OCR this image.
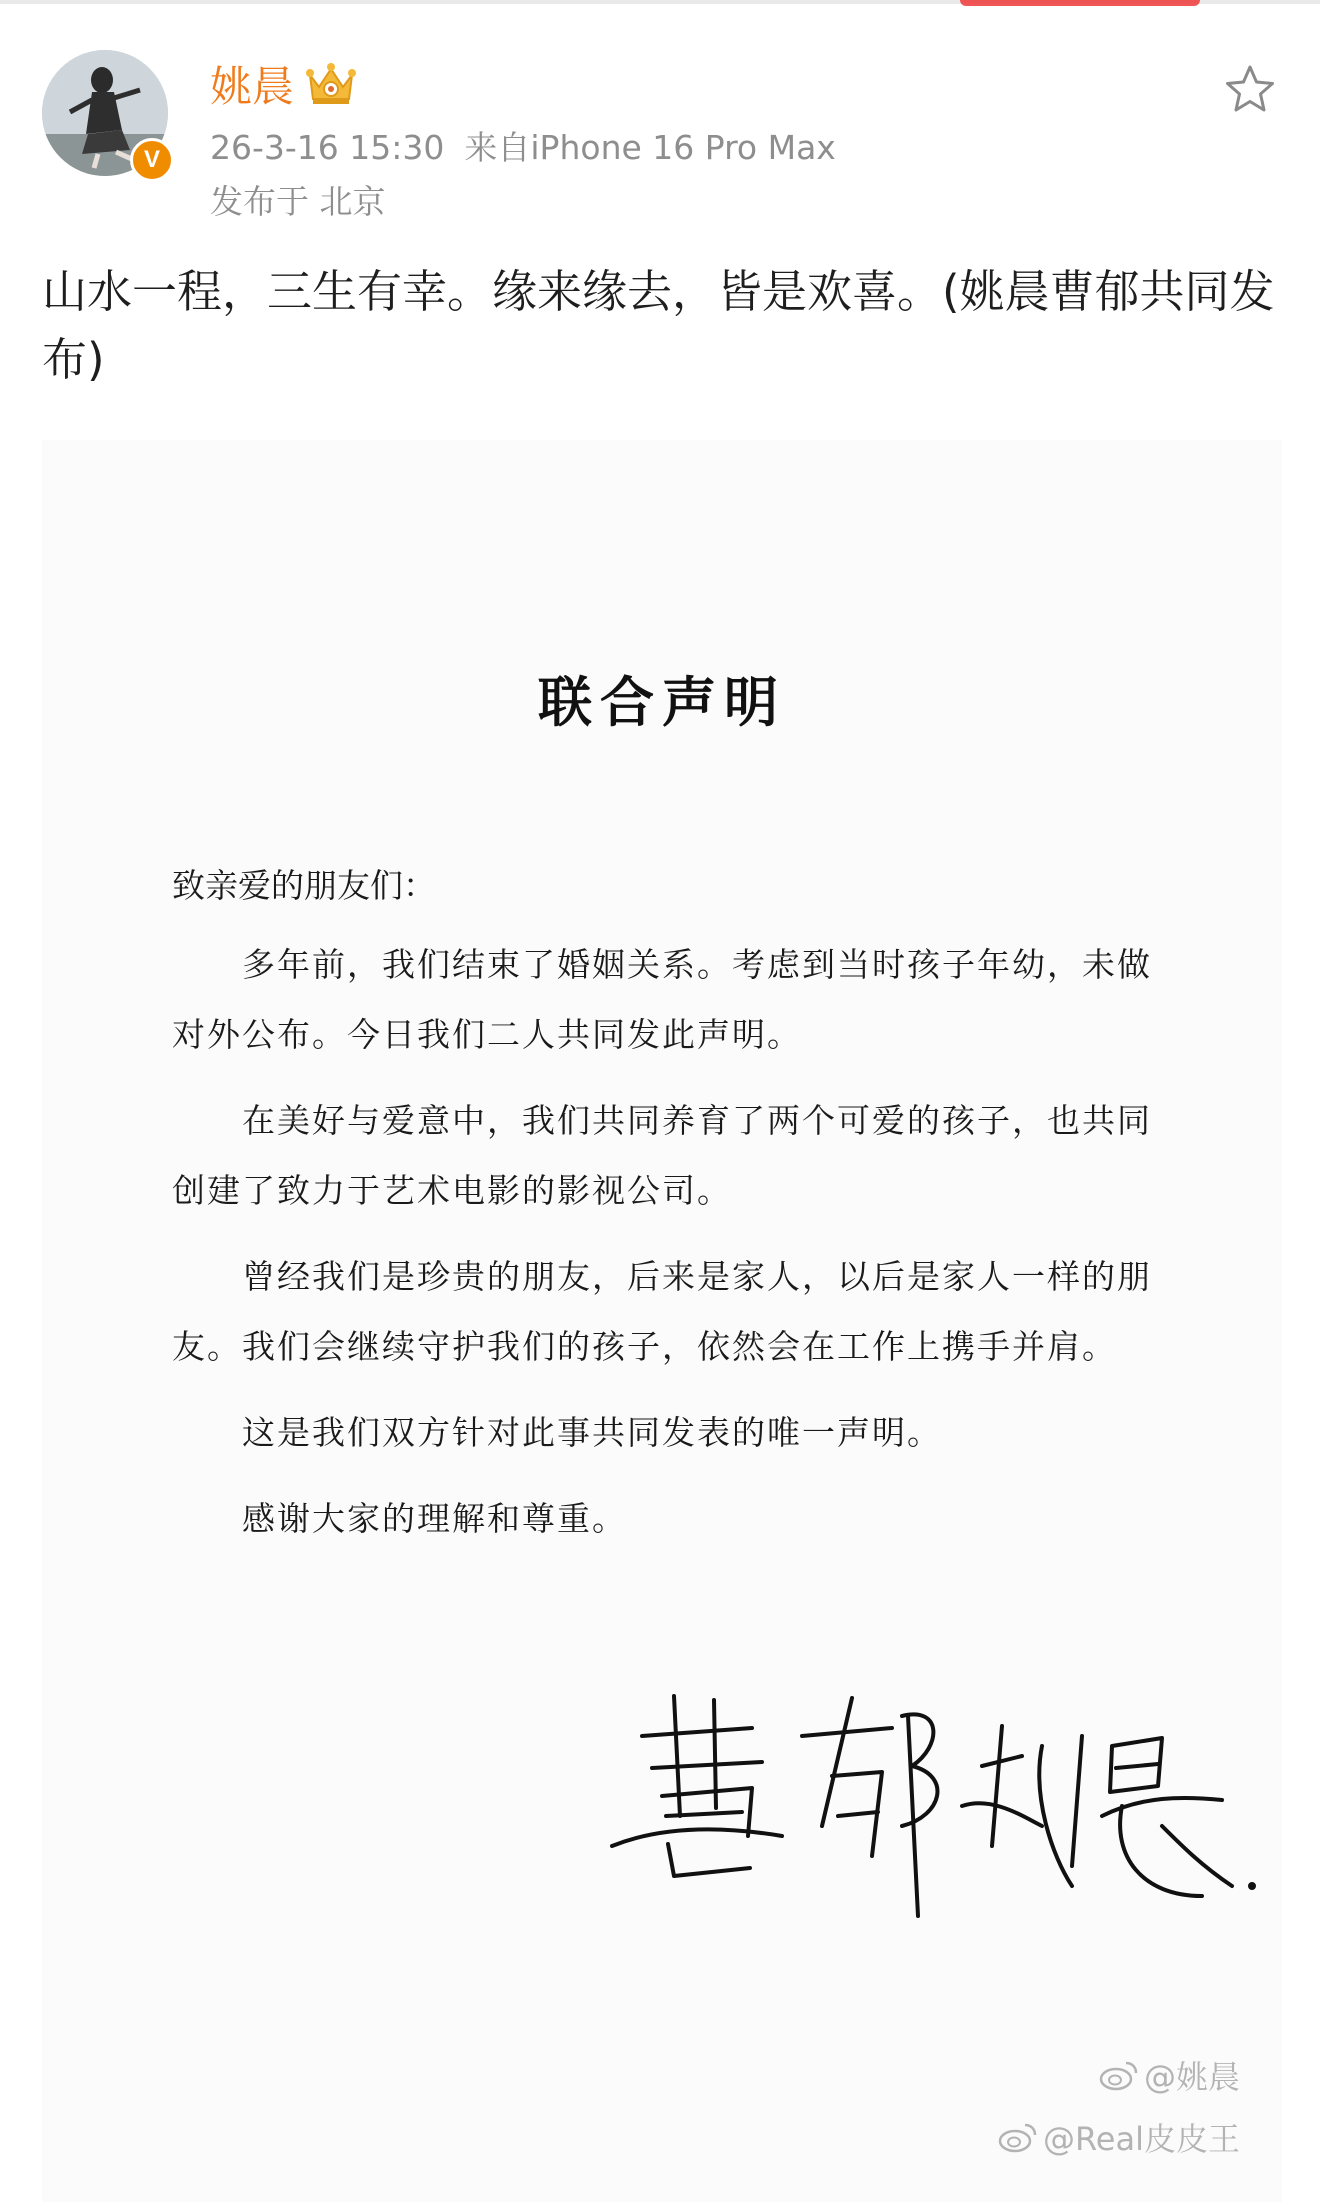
V
姚晨
26-3-16 15:30 来自iPhone 16 Pro Max
发布于 北京
山水一程，三生有幸。缘来缘去，皆是欢喜。(姚晨曹郁共同发布)
联合声明
致亲爱的朋友们：

多年前，我们结束了婚姻关系。考虑到当时孩子年幼，未做对外公布。今日我们二人共同发此声明。

在美好与爱意中，我们共同养育了两个可爱的孩子，也共同创建了致力于艺术电影的影视公司。

曾经我们是珍贵的朋友，后来是家人，以后是家人一样的朋友。我们会继续守护我们的孩子，依然会在工作上携手并肩。

这是我们双方针对此事共同发表的唯一声明。

感谢大家的理解和尊重。

@姚晨
@Real皮皮王
